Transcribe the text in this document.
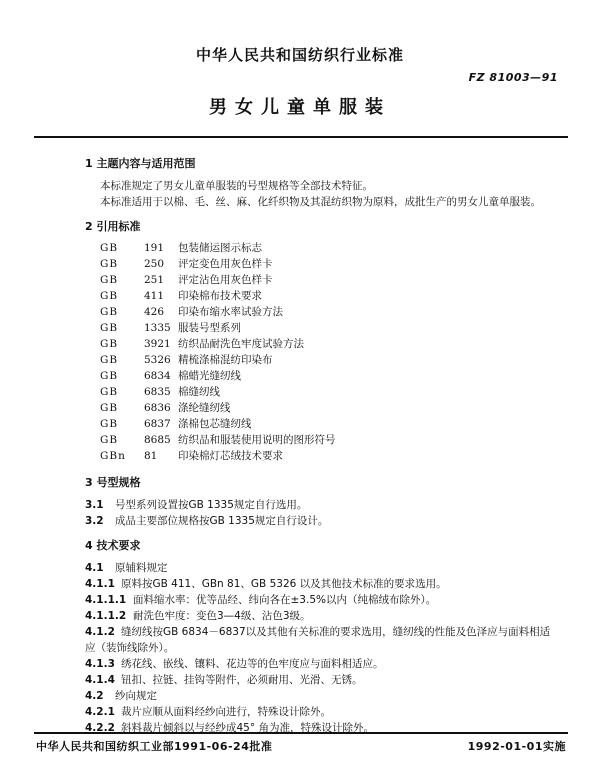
中华人民共和国纺织行业标准
FZ 81003—91
男女儿童单服装
1 主题内容与适用范围
本标准规定了男女儿童单服装的号型规格等全部技术特征。
本标准适用于以棉、毛、丝、麻、化纤织物及其混纺织物为原料，成批生产的男女儿童单服装。
2 引用标准
GB 191 包装储运图示标志
GB 250 评定变色用灰色样卡
GB 251 评定沾色用灰色样卡
GB 411 印染棉布技术要求
GB 426 印染布缩水率试验方法
GB 1335 服装号型系列
GB 3921 纺织品耐洗色牢度试验方法
GB 5326 精梳涤棉混纺印染布
GB 6834 棉蜡光缝纫线
GB 6835 棉缝纫线
GB 6836 涤纶缝纫线
GB 6837 涤棉包芯缝纫线
GB 8685 纺织品和服装使用说明的图形符号
GBn 81 印染棉灯芯绒技术要求
3 号型规格
3.1 号型系列设置按GB 1335规定自行选用。
3.2 成品主要部位规格按GB 1335规定自行设计。
4 技术要求
4.1 原辅料规定
4.1.1 原料按GB 411、GBn 81、GB 5326 以及其他技术标准的要求选用。
4.1.1.1 面料缩水率：优等品经、纬向各在±3.5%以内（纯棉绒布除外）。
4.1.1.2 耐洗色牢度：变色3—4级、沾色3级。
4.1.2 缝纫线按GB 6834－6837以及其他有关标准的要求选用，缝纫线的性能及色泽应与面料相适
应（装饰线除外）。
4.1.3 绣花线、嵌线、镶料、花边等的色牢度应与面料相适应。
4.1.4 钮扣、拉链、挂钩等附件，必须耐用、光滑、无锈。
4.2 纱向规定
4.2.1 裁片应顺从面料经纱向进行，特殊设计除外。
4.2.2 斜料裁片倾斜以与经纱成45° 角为准，特殊设计除外。
中华人民共和国纺织工业部1991-06-24批准	1992-01-01实施
